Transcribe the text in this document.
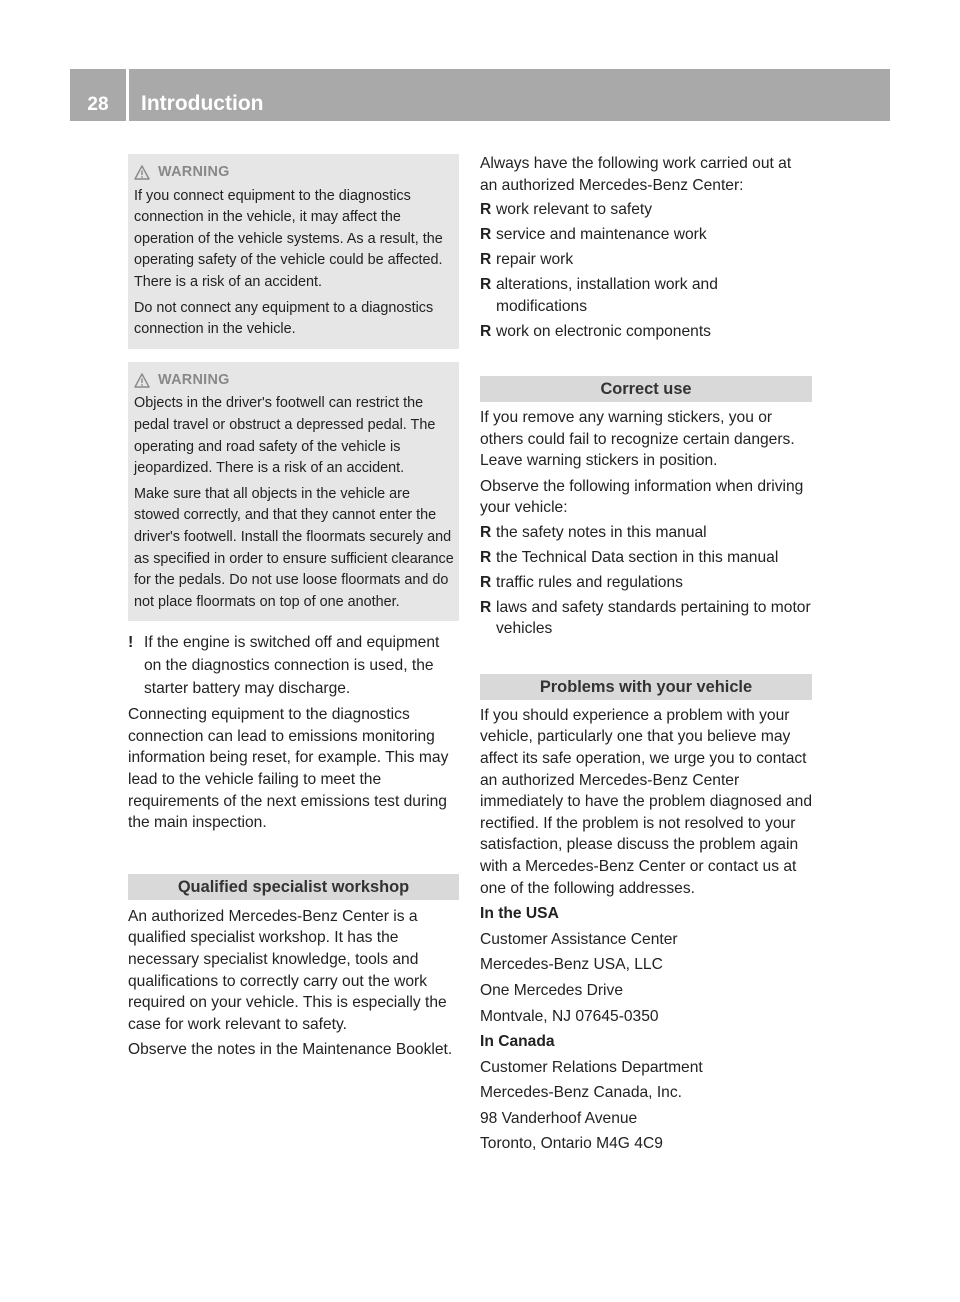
28	Introduction
WARNING

If you connect equipment to the diagnostics connection in the vehicle, it may affect the operation of the vehicle systems. As a result, the operating safety of the vehicle could be affected. There is a risk of an accident.

Do not connect any equipment to a diagnostics connection in the vehicle.

WARNING

Objects in the driver's footwell can restrict the pedal travel or obstruct a depressed pedal. The operating and road safety of the vehicle is jeopardized. There is a risk of an accident.

Make sure that all objects in the vehicle are stowed correctly, and that they cannot enter the driver's footwell. Install the floormats securely and as specified in order to ensure sufficient clearance for the pedals. Do not use loose floormats and do not place floormats on top of one another.

! If the engine is switched off and equipment on the diagnostics connection is used, the starter battery may discharge.

Connecting equipment to the diagnostics connection can lead to emissions monitoring information being reset, for example. This may lead to the vehicle failing to meet the requirements of the next emissions test during the main inspection.

Qualified specialist workshop

An authorized Mercedes-Benz Center is a qualified specialist workshop. It has the necessary specialist knowledge, tools and qualifications to correctly carry out the work required on your vehicle. This is especially the case for work relevant to safety.

Observe the notes in the Maintenance Booklet.

Always have the following work carried out at an authorized Mercedes-Benz Center:

R work relevant to safety
R service and maintenance work
R repair work
R alterations, installation work and modifications
R work on electronic components
Correct use

If you remove any warning stickers, you or others could fail to recognize certain dangers. Leave warning stickers in position.

Observe the following information when driving your vehicle:

R the safety notes in this manual
R the Technical Data section in this manual
R traffic rules and regulations
R laws and safety standards pertaining to motor vehicles
Problems with your vehicle

If you should experience a problem with your vehicle, particularly one that you believe may affect its safe operation, we urge you to contact an authorized Mercedes-Benz Center immediately to have the problem diagnosed and rectified. If the problem is not resolved to your satisfaction, please discuss the problem again with a Mercedes-Benz Center or contact us at one of the following addresses.

In the USA

Customer Assistance Center

Mercedes-Benz USA, LLC

One Mercedes Drive

Montvale, NJ 07645-0350

In Canada

Customer Relations Department

Mercedes-Benz Canada, Inc.

98 Vanderhoof Avenue

Toronto, Ontario M4G 4C9
